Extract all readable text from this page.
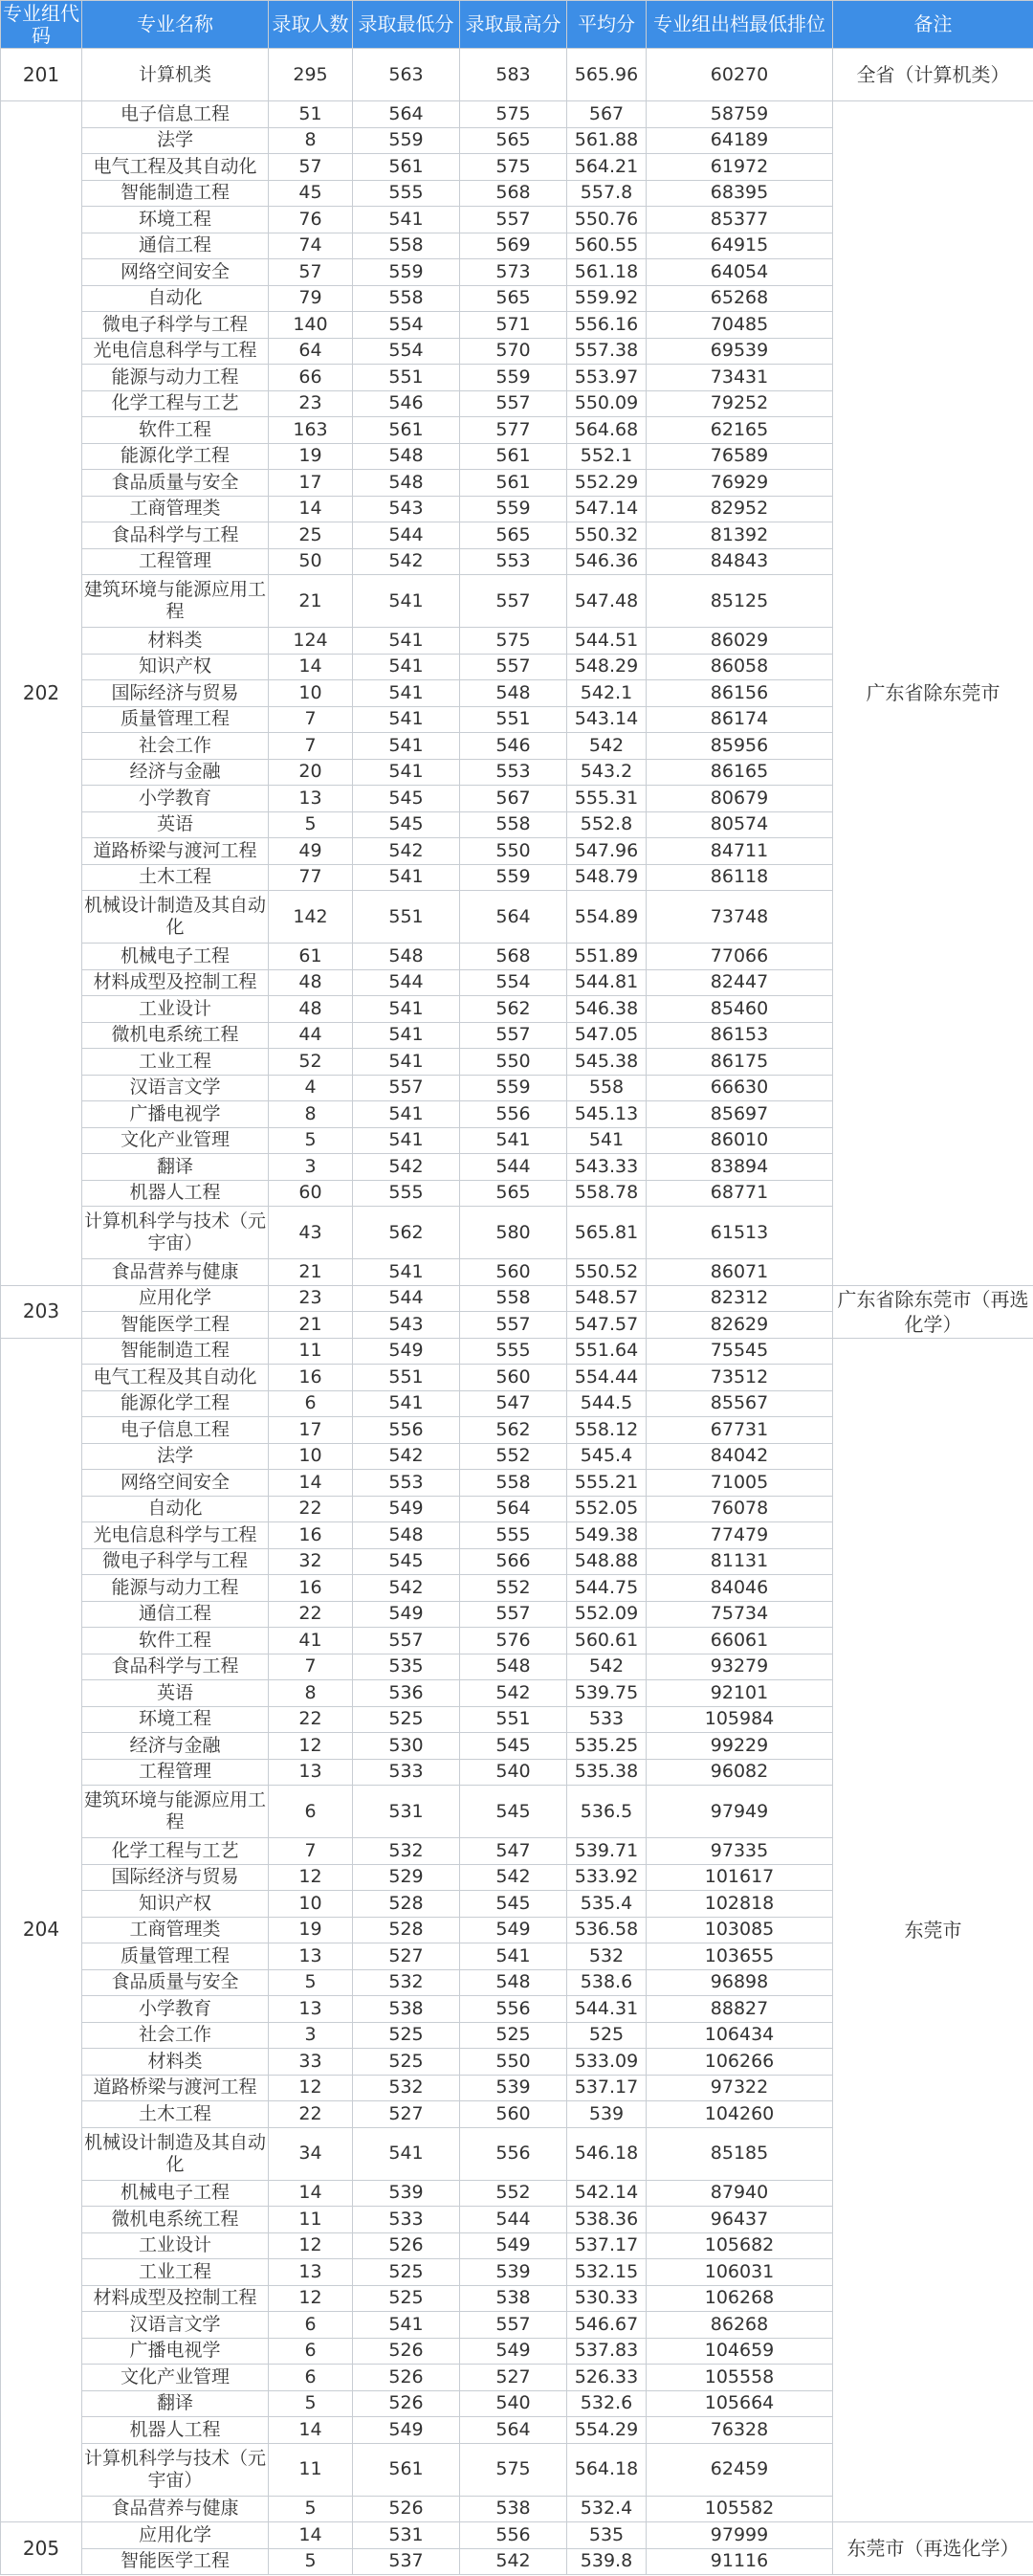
专业组代码	专业名称	录取人数	录取最低分	录取最高分	平均分	专业组出档最低排位	备注
201	计算机类	295	563	583	565.96	60270	全省（计算机类）
202	电子信息工程	51	564	575	567	58759	广东省除东莞市
	法学	8	559	565	561.88	64189	
	电气工程及其自动化	57	561	575	564.21	61972	
	智能制造工程	45	555	568	557.8	68395	
	环境工程	76	541	557	550.76	85377	
	通信工程	74	558	569	560.55	64915	
	网络空间安全	57	559	573	561.18	64054	
	自动化	79	558	565	559.92	65268	
	微电子科学与工程	140	554	571	556.16	70485	
	光电信息科学与工程	64	554	570	557.38	69539	
	能源与动力工程	66	551	559	553.97	73431	
	化学工程与工艺	23	546	557	550.09	79252	
	软件工程	163	561	577	564.68	62165	
	能源化学工程	19	548	561	552.1	76589	
	食品质量与安全	17	548	561	552.29	76929	
	工商管理类	14	543	559	547.14	82952	
	食品科学与工程	25	544	565	550.32	81392	
	工程管理	50	542	553	546.36	84843	
	建筑环境与能源应用工程	21	541	557	547.48	85125	
	材料类	124	541	575	544.51	86029	
	知识产权	14	541	557	548.29	86058	
	国际经济与贸易	10	541	548	542.1	86156	
	质量管理工程	7	541	551	543.14	86174	
	社会工作	7	541	546	542	85956	
	经济与金融	20	541	553	543.2	86165	
	小学教育	13	545	567	555.31	80679	
	英语	5	545	558	552.8	80574	
	道路桥梁与渡河工程	49	542	550	547.96	84711	
	土木工程	77	541	559	548.79	86118	
	机械设计制造及其自动化	142	551	564	554.89	73748	
	机械电子工程	61	548	568	551.89	77066	
	材料成型及控制工程	48	544	554	544.81	82447	
	工业设计	48	541	562	546.38	85460	
	微机电系统工程	44	541	557	547.05	86153	
	工业工程	52	541	550	545.38	86175	
	汉语言文学	4	557	559	558	66630	
	广播电视学	8	541	556	545.13	85697	
	文化产业管理	5	541	541	541	86010	
	翻译	3	542	544	543.33	83894	
	机器人工程	60	555	565	558.78	68771	
	计算机科学与技术（元宇宙）	43	562	580	565.81	61513	
	食品营养与健康	21	541	560	550.52	86071	
203	应用化学	23	544	558	548.57	82312	广东省除东莞市（再选化学）
	智能医学工程	21	543	557	547.57	82629	
204	智能制造工程	11	549	555	551.64	75545	东莞市
	电气工程及其自动化	16	551	560	554.44	73512	
	能源化学工程	6	541	547	544.5	85567	
	电子信息工程	17	556	562	558.12	67731	
	法学	10	542	552	545.4	84042	
	网络空间安全	14	553	558	555.21	71005	
	自动化	22	549	564	552.05	76078	
	光电信息科学与工程	16	548	555	549.38	77479	
	微电子科学与工程	32	545	566	548.88	81131	
	能源与动力工程	16	542	552	544.75	84046	
	通信工程	22	549	557	552.09	75734	
	软件工程	41	557	576	560.61	66061	
	食品科学与工程	7	535	548	542	93279	
	英语	8	536	542	539.75	92101	
	环境工程	22	525	551	533	105984	
	经济与金融	12	530	545	535.25	99229	
	工程管理	13	533	540	535.38	96082	
	建筑环境与能源应用工程	6	531	545	536.5	97949	
	化学工程与工艺	7	532	547	539.71	97335	
	国际经济与贸易	12	529	542	533.92	101617	
	知识产权	10	528	545	535.4	102818	
	工商管理类	19	528	549	536.58	103085	
	质量管理工程	13	527	541	532	103655	
	食品质量与安全	5	532	548	538.6	96898	
	小学教育	13	538	556	544.31	88827	
	社会工作	3	525	525	525	106434	
	材料类	33	525	550	533.09	106266	
	道路桥梁与渡河工程	12	532	539	537.17	97322	
	土木工程	22	527	560	539	104260	
	机械设计制造及其自动化	34	541	556	546.18	85185	
	机械电子工程	14	539	552	542.14	87940	
	微机电系统工程	11	533	544	538.36	96437	
	工业设计	12	526	549	537.17	105682	
	工业工程	13	525	539	532.15	106031	
	材料成型及控制工程	12	525	538	530.33	106268	
	汉语言文学	6	541	557	546.67	86268	
	广播电视学	6	526	549	537.83	104659	
	文化产业管理	6	526	527	526.33	105558	
	翻译	5	526	540	532.6	105664	
	机器人工程	14	549	564	554.29	76328	
	计算机科学与技术（元宇宙）	11	561	575	564.18	62459	
	食品营养与健康	5	526	538	532.4	105582	
205	应用化学	14	531	556	535	97999	东莞市（再选化学）
	智能医学工程	5	537	542	539.8	91116	
